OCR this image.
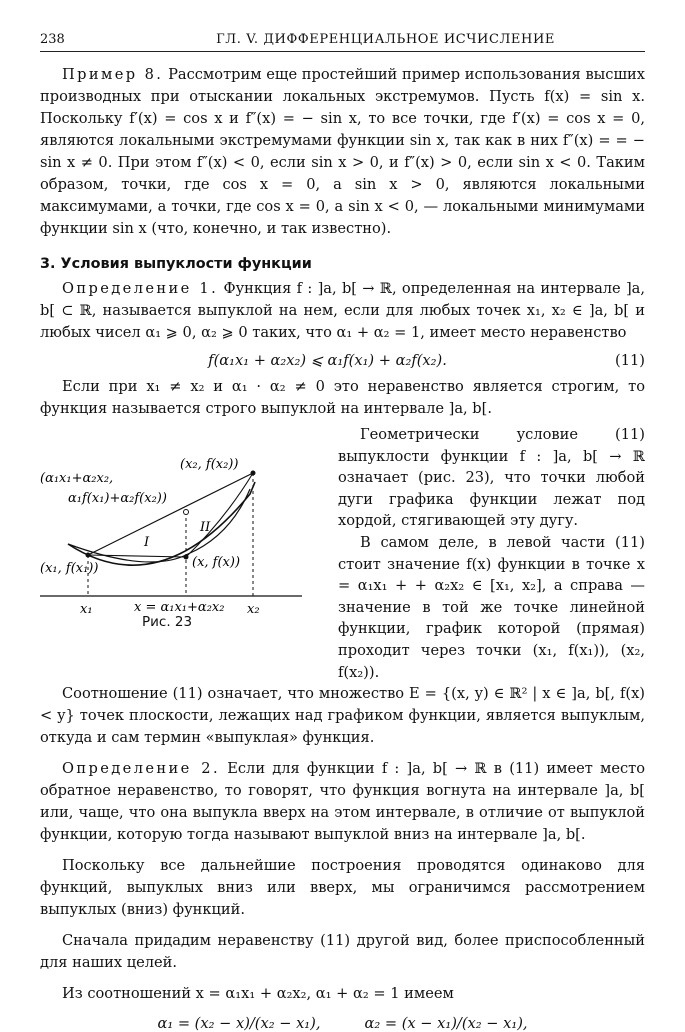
238	ГЛ. V. ДИФФЕРЕНЦИАЛЬНОЕ ИСЧИСЛЕНИЕ

Пример 8. Рассмотрим еще простейший пример использования высших производных при отыскании локальных экстремумов. Пусть f(x) = sin x. Поскольку f′(x) = cos x и f″(x) = − sin x, то все точки, где f′(x) = cos x = 0, являются локальными экстремумами функции sin x, так как в них f″(x) = = − sin x ≠ 0. При этом f″(x) < 0, если sin x > 0, и f″(x) > 0, если sin x < 0. Таким образом, точки, где cos x = 0, а sin x > 0, являются локальными максимумами, а точки, где cos x = 0, а sin x < 0, — локальными минимумами функции sin x (что, конечно, и так известно).

3. Условия выпуклости функции

Определение 1. Функция f : ]a, b[ → ℝ, определенная на интервале ]a, b[ ⊂ ℝ, называется выпуклой на нем, если для любых точек x₁, x₂ ∈ ]a, b[ и любых чисел α₁ ⩾ 0, α₂ ⩾ 0 таких, что α₁ + α₂ = 1, имеет место неравенство

f(α₁x₁ + α₂x₂) ⩽ α₁f(x₁) + α₂f(x₂).	(11)

Если при x₁ ≠ x₂ и α₁ · α₂ ≠ 0 это неравенство является строгим, то функция называется строго выпуклой на интервале ]a, b[.

(x₂, f(x₂))
(α₁x₁+α₂x₂,
α₁f(x₁)+α₂f(x₂))
(x₁, f(x₁))	(x, f(x))
I
II
x₁	x = α₁x₁+α₂x₂ x₂
Рис. 23

Геометрически условие (11) выпуклости функции f : ]a, b[ → ℝ означает (рис. 23), что точки любой дуги графика функции лежат под хордой, стягивающей эту дугу.

В самом деле, в левой части (11) стоит значение f(x) функции в точке x = α₁x₁ + + α₂x₂ ∈ [x₁, x₂], а справа — значение в той же точке линейной функции, график которой (прямая) проходит через точки (x₁, f(x₁)), (x₂, f(x₂)).

Соотношение (11) означает, что множество E = {(x, y) ∈ ℝ² | x ∈ ]a, b[, f(x) < y} точек плоскости, лежащих над графиком функции, является выпуклым, откуда и сам термин «выпуклая» функция.

Определение 2. Если для функции f : ]a, b[ → ℝ в (11) имеет место обратное неравенство, то говорят, что функция вогнута на интервале ]a, b[ или, чаще, что она выпукла вверх на этом интервале, в отличие от выпуклой функции, которую тогда называют выпуклой вниз на интервале ]a, b[.

Поскольку все дальнейшие построения проводятся одинаково для функций, выпуклых вниз или вверх, мы ограничимся рассмотрением выпуклых (вниз) функций.

Сначала придадим неравенству (11) другой вид, более приспособленный для наших целей.

Из соотношений x = α₁x₁ + α₂x₂, α₁ + α₂ = 1 имеем

α₁ = (x₂ − x)/(x₂ − x₁),	α₂ = (x − x₁)/(x₂ − x₁),
